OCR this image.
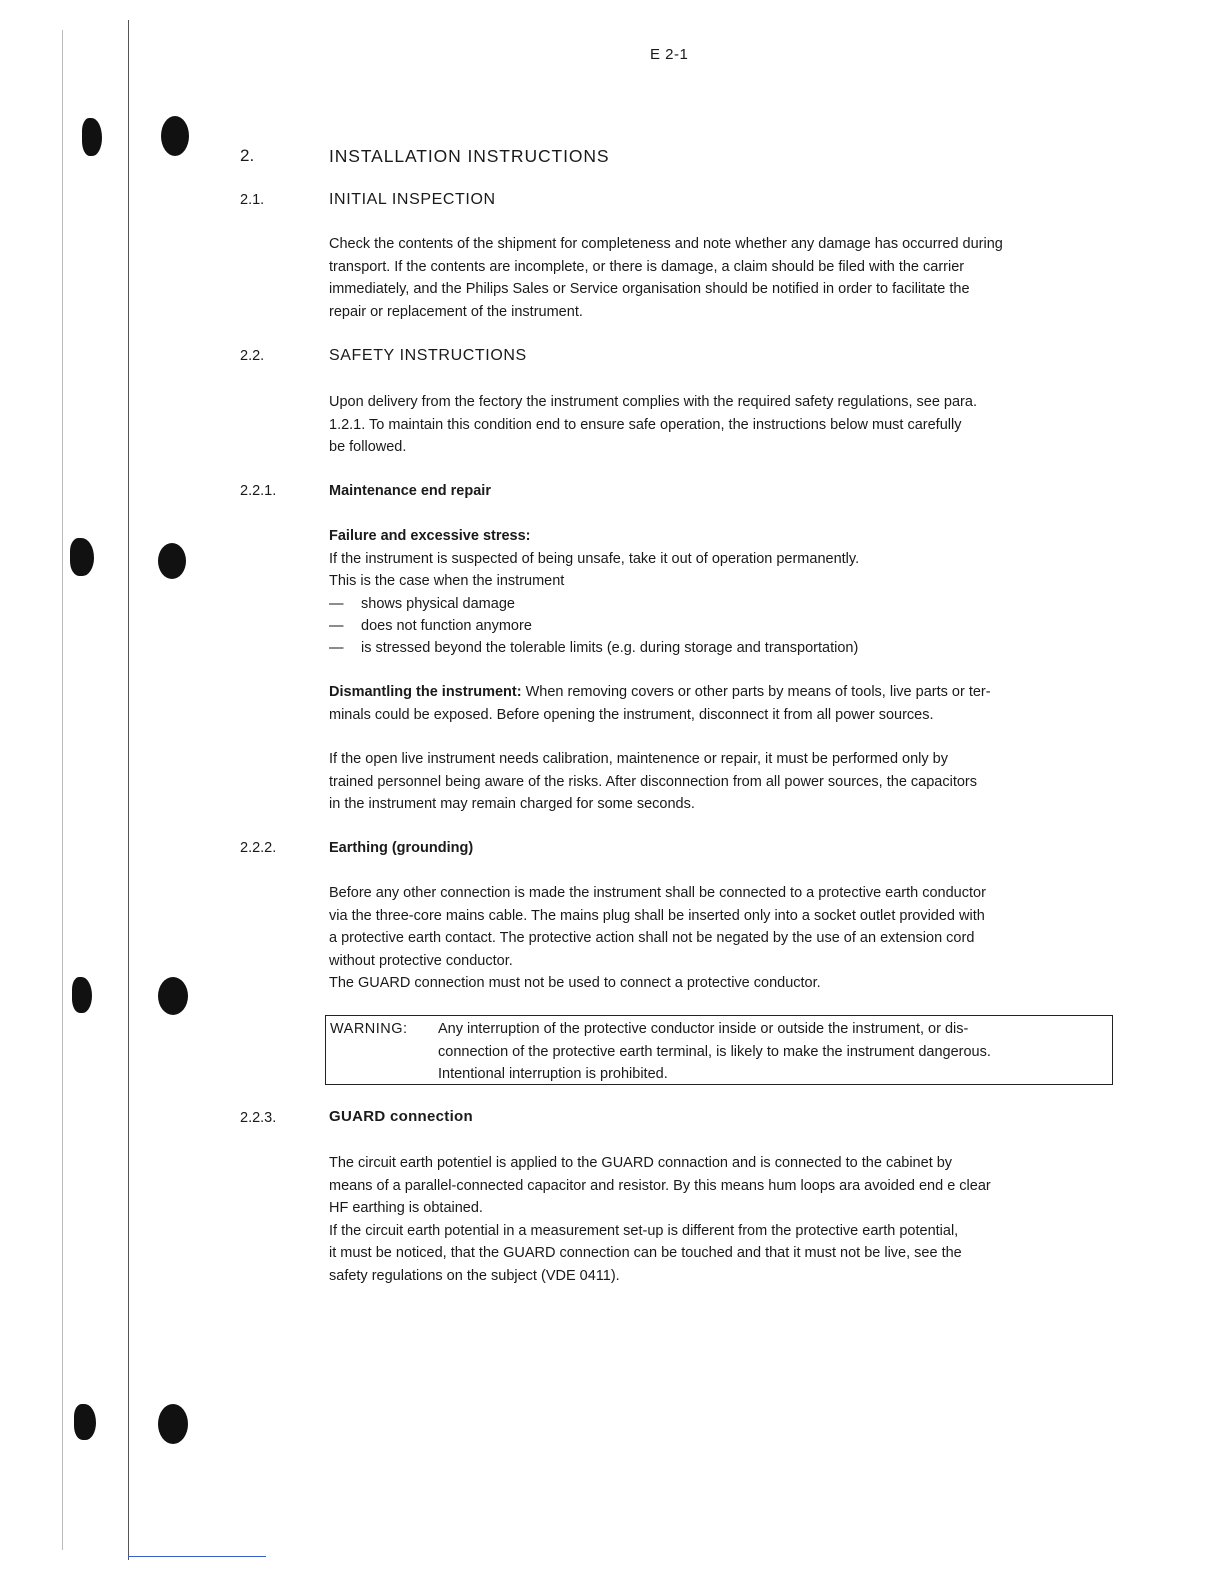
E 2-1
2.	INSTALLATION INSTRUCTIONS
2.1.	INITIAL INSPECTION

Check the contents of the shipment for completeness and note whether any damage has occurred during
transport. If the contents are incomplete, or there is damage, a claim should be filed with the carrier
immediately, and the Philips Sales or Service organisation should be notified in order to facilitate the
repair or replacement of the instrument.

2.2.	SAFETY INSTRUCTIONS

Upon delivery from the fectory the instrument complies with the required safety regulations, see para.
1.2.1. To maintain this condition end to ensure safe operation, the instructions below must carefully
be followed.

2.2.1.	Maintenance end repair

Failure and excessive stress:
If the instrument is suspected of being unsafe, take it out of operation permanently.
This is the case when the instrument

— shows physical damage
— does not function anymore
— is stressed beyond the tolerable limits (e.g. during storage and transportation)

Dismantling the instrument: When removing covers or other parts by means of tools, live parts or ter-
minals could be exposed. Before opening the instrument, disconnect it from all power sources.

If the open live instrument needs calibration, maintenence or repair, it must be performed only by
trained personnel being aware of the risks. After disconnection from all power sources, the capacitors
in the instrument may remain charged for some seconds.

2.2.2.	Earthing (grounding)

Before any other connection is made the instrument shall be connected to a protective earth conductor
via the three-core mains cable. The mains plug shall be inserted only into a socket outlet provided with
a protective earth contact. The protective action shall not be negated by the use of an extension cord
without protective conductor.
The GUARD connection must not be used to connect a protective conductor.

WARNING: Any interruption of the protective conductor inside or outside the instrument, or dis-
connection of the protective earth terminal, is likely to make the instrument dangerous.
Intentional interruption is prohibited.
2.2.3.	GUARD connection

The circuit earth potentiel is applied to the GUARD connaction and is connected to the cabinet by
means of a parallel-connected capacitor and resistor. By this means hum loops ara avoided end e clear
HF earthing is obtained.
If the circuit earth potential in a measurement set-up is different from the protective earth potential,
it must be noticed, that the GUARD connection can be touched and that it must not be live, see the
safety regulations on the subject (VDE 0411).
